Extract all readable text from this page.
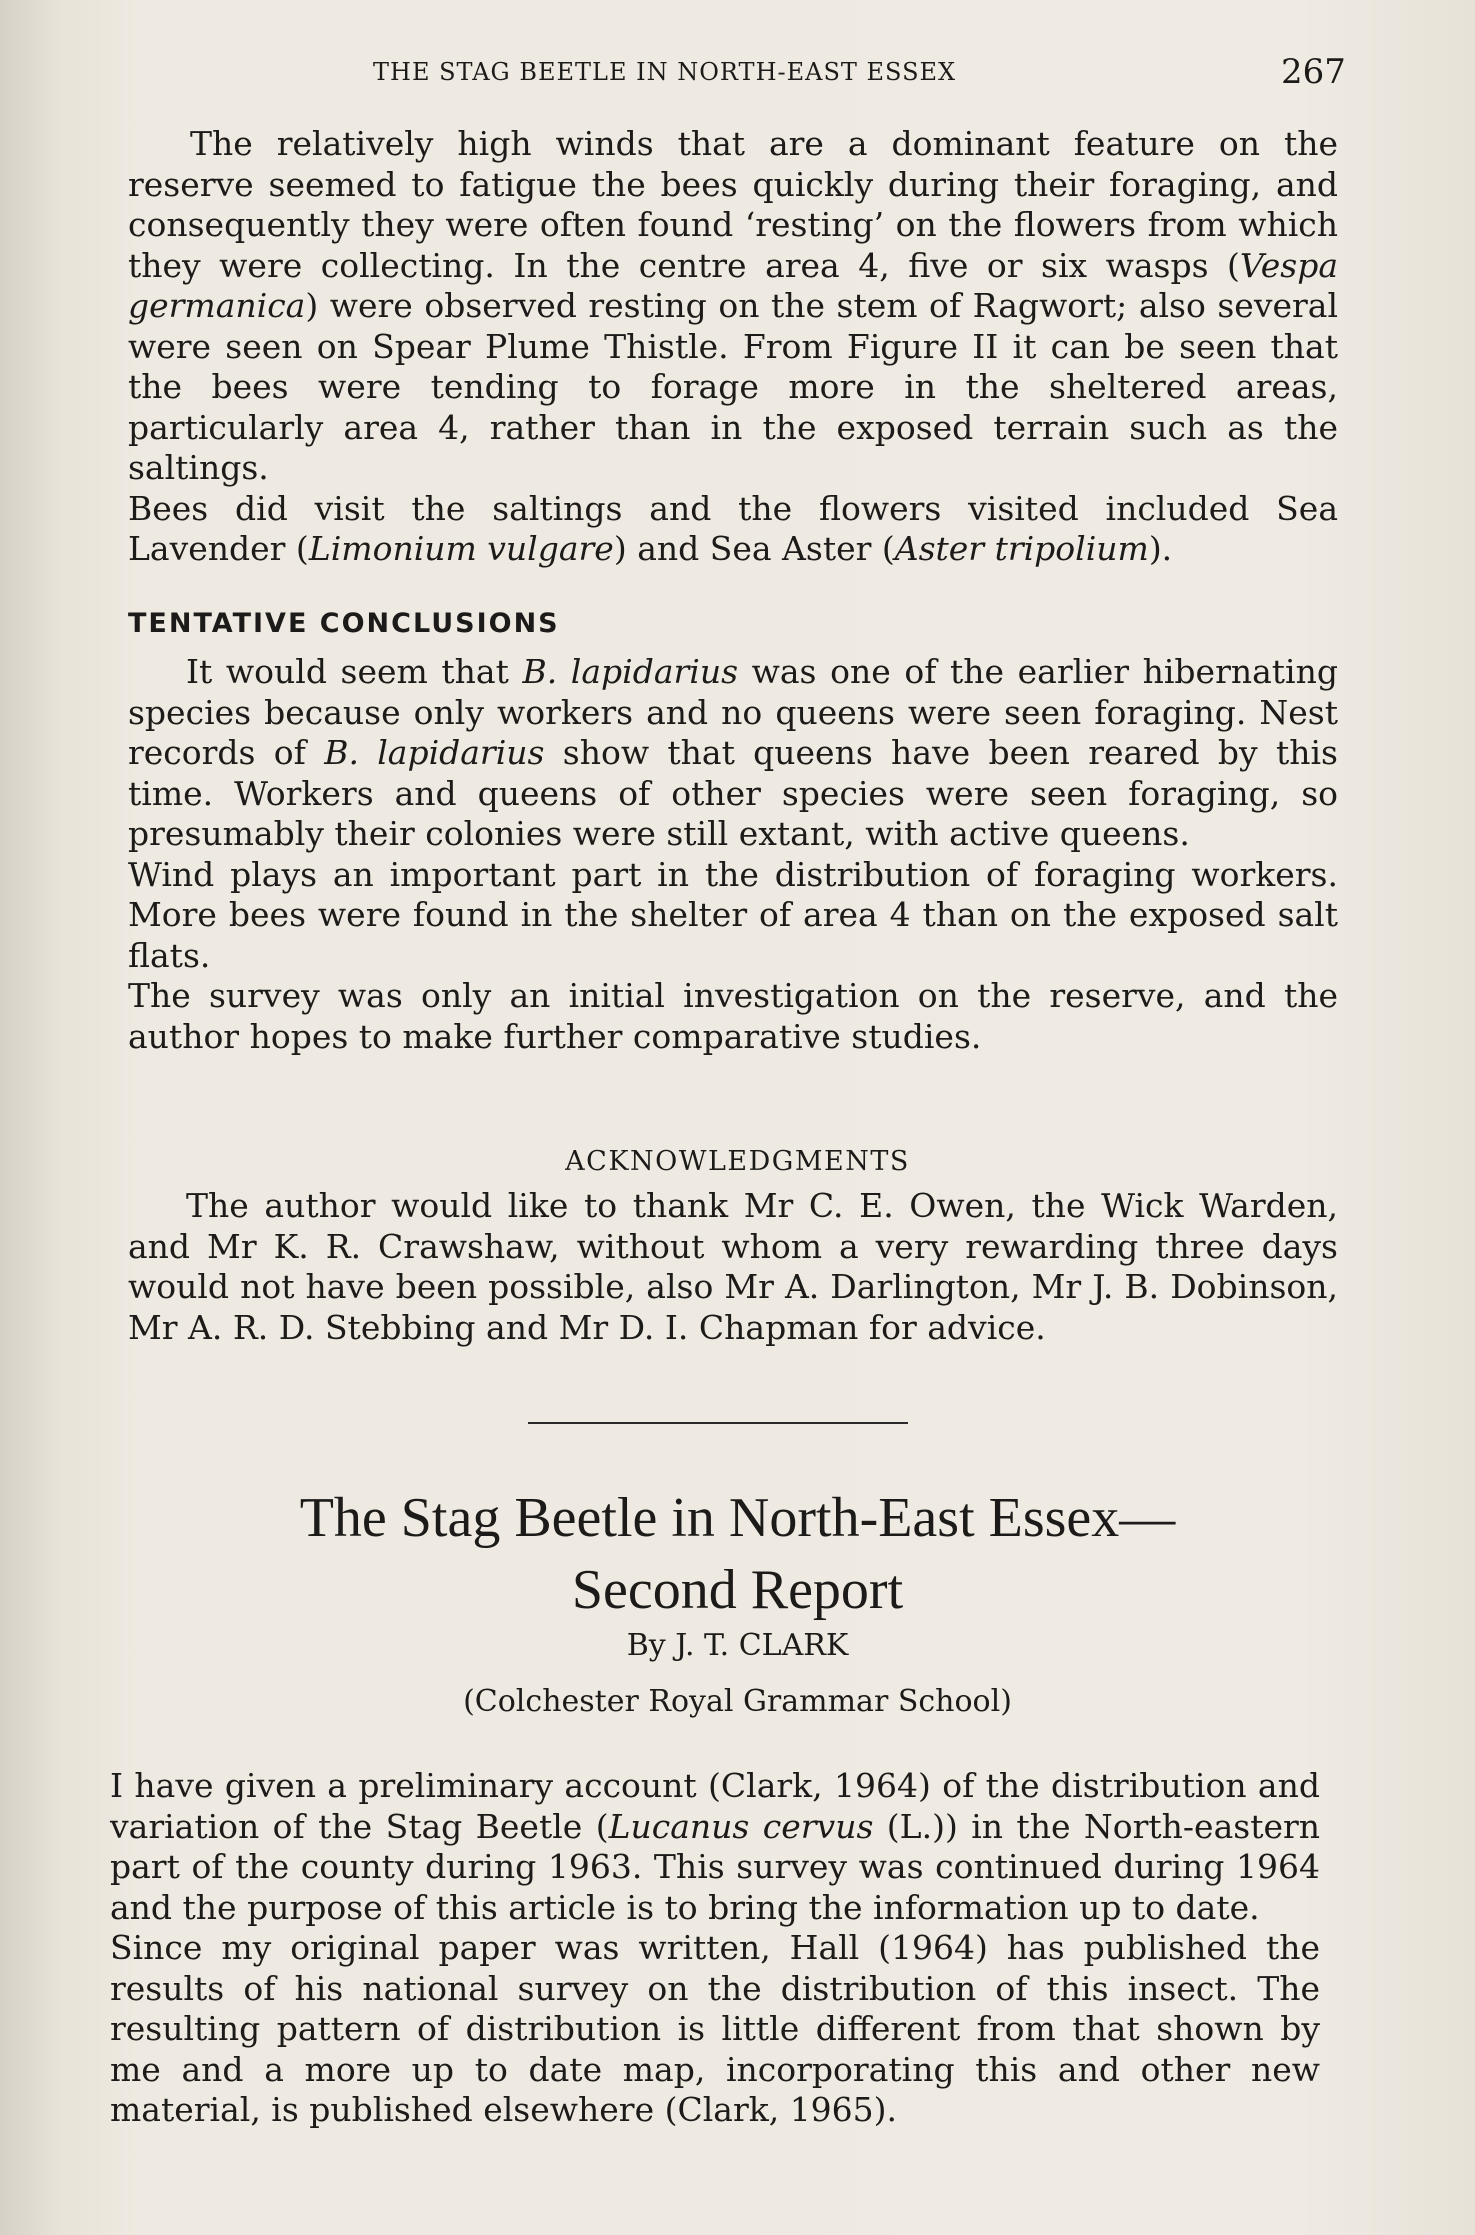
THE STAG BEETLE IN NORTH-EAST ESSEX	267

The relatively high winds that are a dominant feature on the reserve seemed to fatigue the bees quickly during their foraging, and consequently they were often found ‘resting’ on the flowers from which they were collecting. In the centre area 4, five or six wasps (Vespa germanica) were observed resting on the stem of Ragwort; also several were seen on Spear Plume Thistle. From Figure II it can be seen that the bees were tending to forage more in the sheltered areas, particularly area 4, rather than in the exposed terrain such as the saltings.

Bees did visit the saltings and the flowers visited included Sea Lavender (Limonium vulgare) and Sea Aster (Aster tripolium).

TENTATIVE CONCLUSIONS

It would seem that B. lapidarius was one of the earlier hibernating species because only workers and no queens were seen foraging. Nest records of B. lapidarius show that queens have been reared by this time. Workers and queens of other species were seen foraging, so presumably their colonies were still extant, with active queens.

Wind plays an important part in the distribution of foraging workers. More bees were found in the shelter of area 4 than on the exposed salt flats.

The survey was only an initial investigation on the reserve, and the author hopes to make further comparative studies.

ACKNOWLEDGMENTS

The author would like to thank Mr C. E. Owen, the Wick Warden, and Mr K. R. Crawshaw, without whom a very rewarding three days would not have been possible, also Mr A. Darlington, Mr J. B. Dobinson, Mr A. R. D. Stebbing and Mr D. I. Chapman for advice.

The Stag Beetle in North-East Essex—
Second Report
By J. T. CLARK
(Colchester Royal Grammar School)

I have given a preliminary account (Clark, 1964) of the distribution and variation of the Stag Beetle (Lucanus cervus (L.)) in the North-eastern part of the county during 1963. This survey was continued during 1964 and the purpose of this article is to bring the information up to date.

Since my original paper was written, Hall (1964) has published the results of his national survey on the distribution of this insect. The resulting pattern of distribution is little different from that shown by me and a more up to date map, incorporating this and other new material, is published elsewhere (Clark, 1965).
